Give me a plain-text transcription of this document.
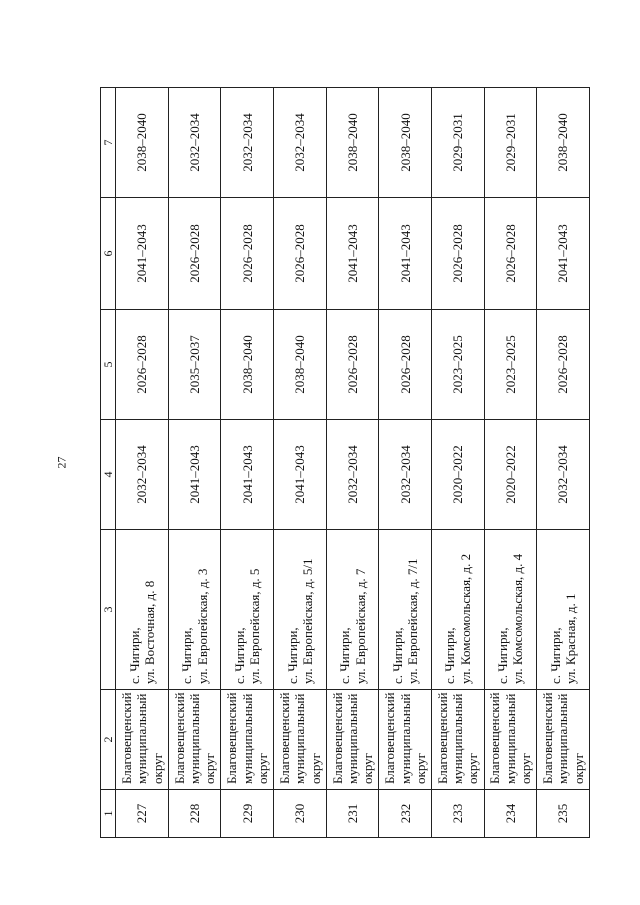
27
1	2	3	4	5	6	7
227	Благовещенский муниципальный округ	с. Чигири,
ул. Восточная, д. 8	2032–2034	2026–2028	2041–2043	2038–2040
228	Благовещенский муниципальный округ	с. Чигири,
ул. Европейская, д. 3	2041–2043	2035–2037	2026–2028	2032–2034
229	Благовещенский муниципальный округ	с. Чигири,
ул. Европейская, д. 5	2041–2043	2038–2040	2026–2028	2032–2034
230	Благовещенский муниципальный округ	с. Чигири,
ул. Европейская, д. 5/1	2041–2043	2038–2040	2026–2028	2032–2034
231	Благовещенский муниципальный округ	с. Чигири,
ул. Европейская, д. 7	2032–2034	2026–2028	2041–2043	2038–2040
232	Благовещенский муниципальный округ	с. Чигири,
ул. Европейская, д. 7/1	2032–2034	2026–2028	2041–2043	2038–2040
233	Благовещенский муниципальный округ	с. Чигири,
ул. Комсомольская, д. 2	2020–2022	2023–2025	2026–2028	2029–2031
234	Благовещенский муниципальный округ	с. Чигири,
ул. Комсомольская, д. 4	2020–2022	2023–2025	2026–2028	2029–2031
235	Благовещенский муниципальный округ	с. Чигири,
ул. Красная, д. 1	2032–2034	2026–2028	2041–2043	2038–2040
